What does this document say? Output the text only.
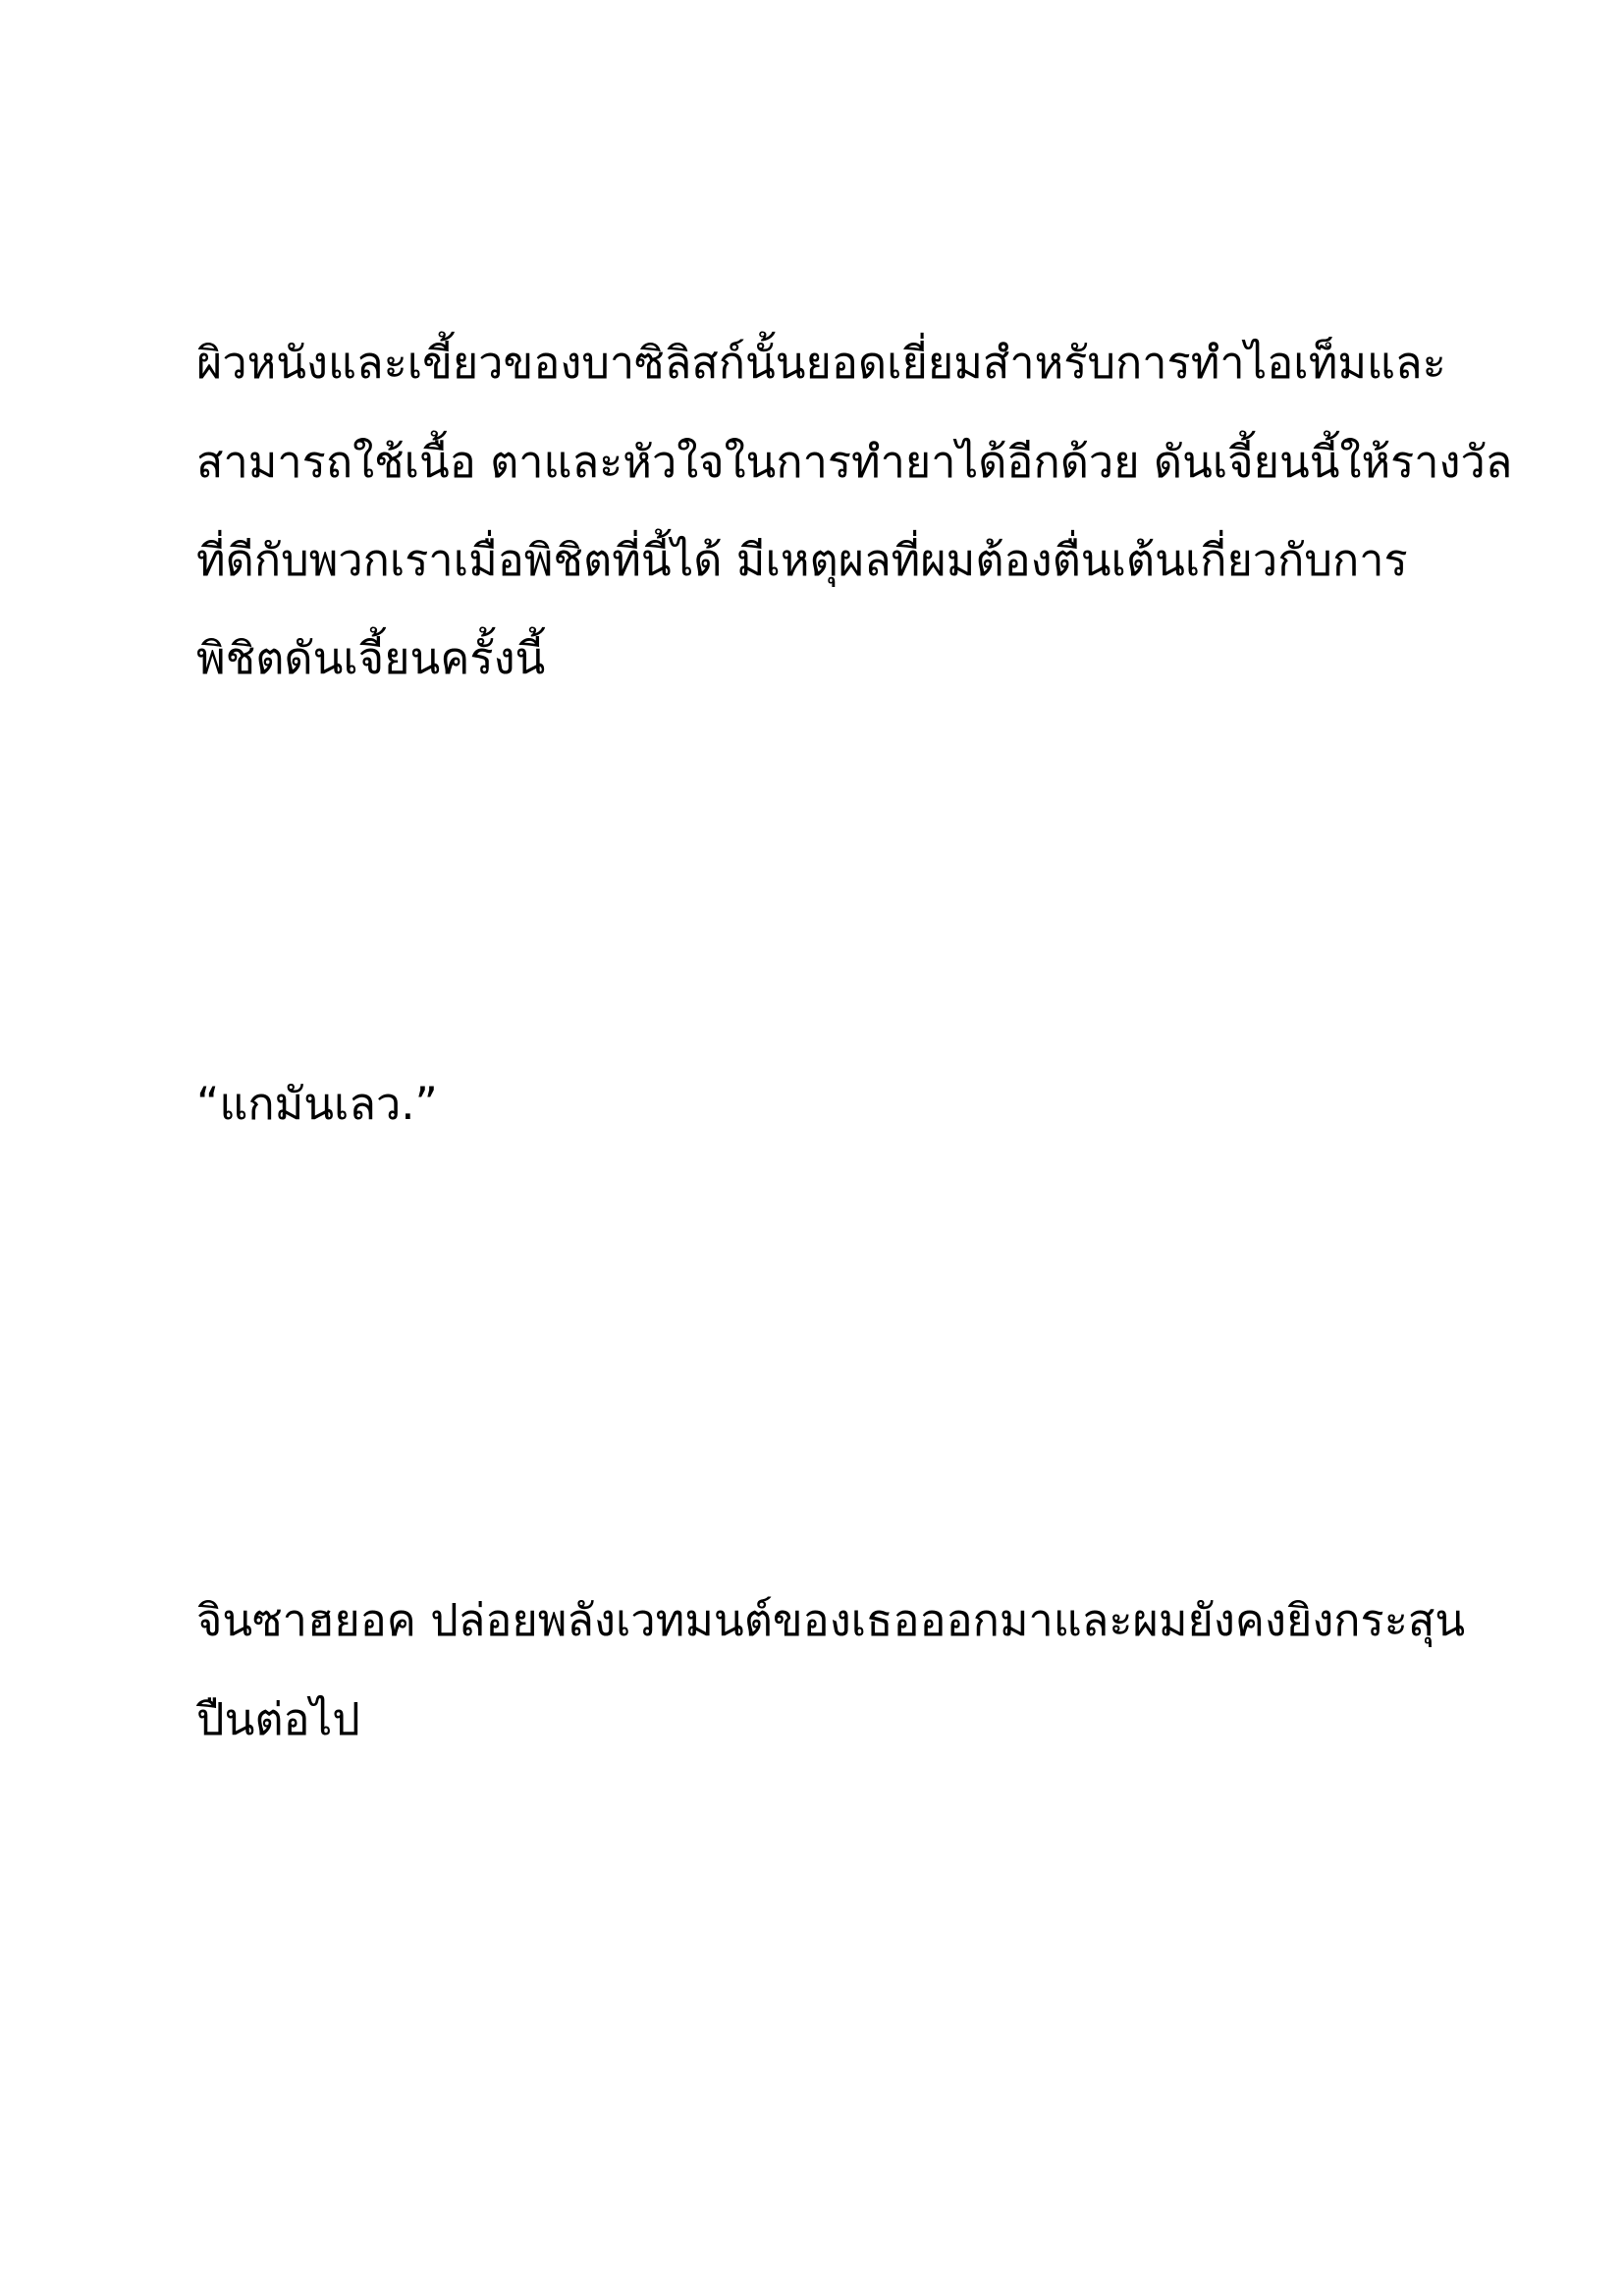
ผิวหนังและเขี้ยวของบาซิลิสก์นั้นยอดเยี่ยมสำหรับการทำไอเท็มและ
สามารถใช้เนื้อ ตาและหัวใจในการทำยาได้อีกด้วย ดันเจี้ยนนี้ให้รางวัล
ที่ดีกับพวกเราเมื่อพิชิตที่นี้ได้ มีเหตุผลที่ผมต้องตื่นเต้นเกี่ยวกับการ
พิชิตดันเจี้ยนครั้งนี้
“แกมันเลว.”
จินซาฮยอค ปล่อยพลังเวทมนต์ของเธอออกมาและผมยังคงยิงกระสุน
ปืนต่อไป
